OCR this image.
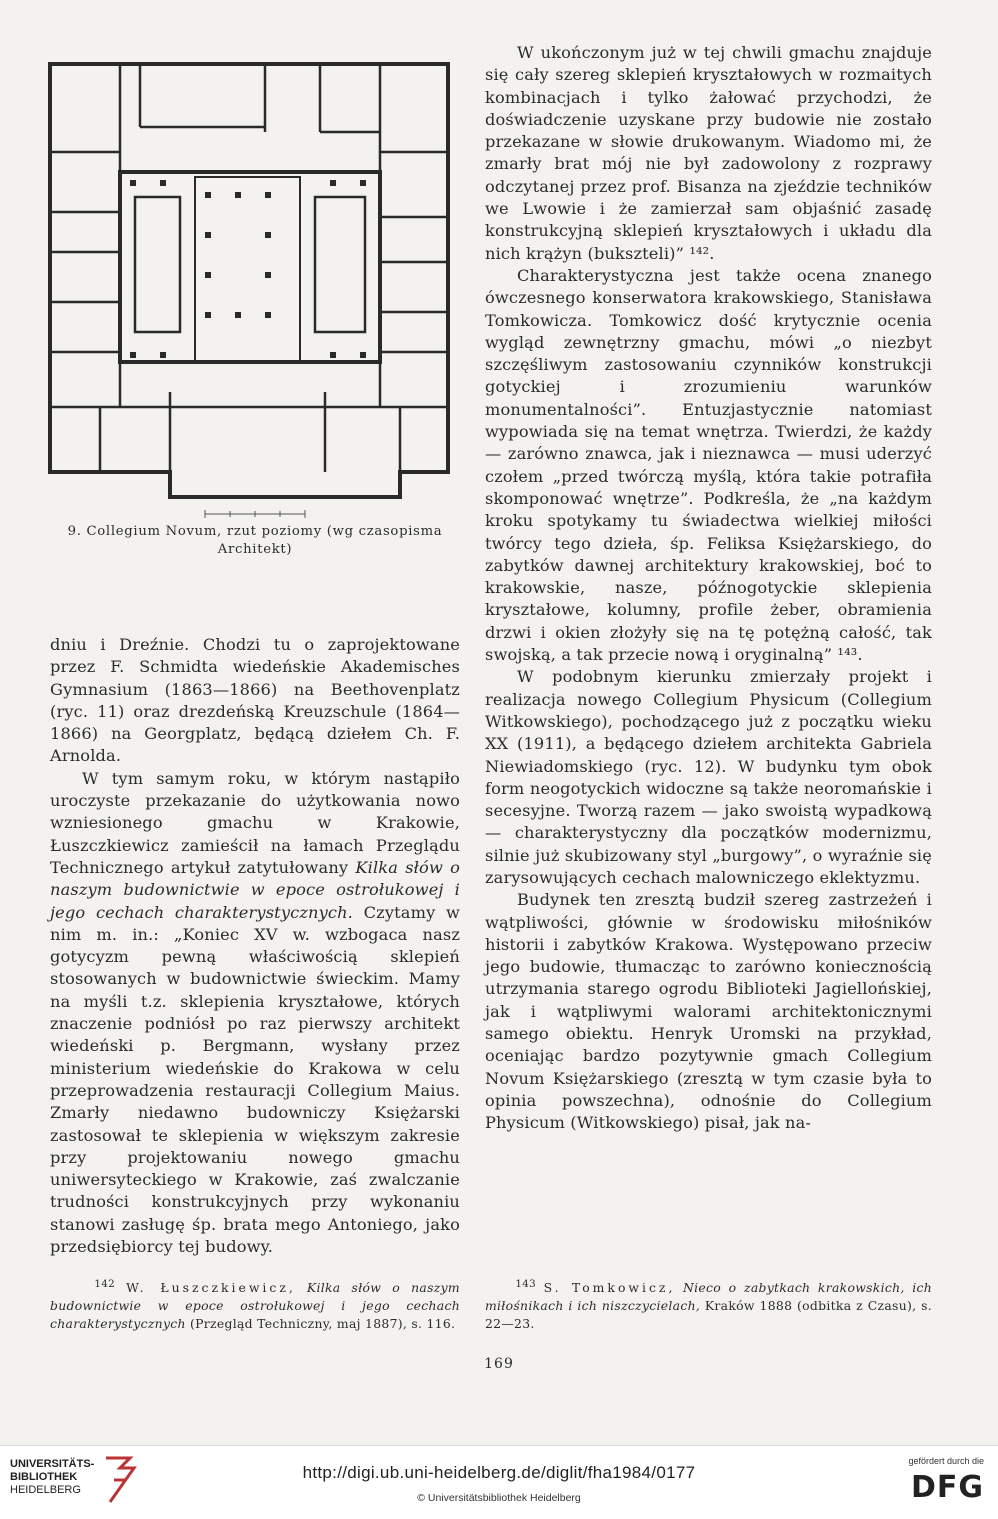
9. Collegium Novum, rzut poziomy (wg czasopisma Architekt)

dniu i Dreźnie. Chodzi tu o zaprojektowane przez F. Schmidta wiedeńskie Akademisches Gymnasium (1863—1866) na Beethovenplatz (ryc. 11) oraz drezdeńską Kreuzschule (1864—1866) na Georgplatz, będącą dziełem Ch. F. Arnolda.

W tym samym roku, w którym nastąpiło uroczyste przekazanie do użytkowania nowo wzniesionego gmachu w Krakowie, Łuszczkiewicz zamieścił na łamach Przeglądu Technicznego artykuł zatytułowany Kilka słów o naszym budownictwie w epoce ostrołukowej i jego cechach charakterystycznych. Czytamy w nim m. in.: „Koniec XV w. wzbogaca nasz gotycyzm pewną właściwością sklepień stosowanych w budownictwie świeckim. Mamy na myśli t.z. sklepienia kryształowe, których znaczenie podniósł po raz pierwszy architekt wiedeński p. Bergmann, wysłany przez ministerium wiedeńskie do Krakowa w celu przeprowadzenia restauracji Collegium Maius. Zmarły niedawno budowniczy Księżarski zastosował te sklepienia w większym zakresie przy projektowaniu nowego gmachu uniwersyteckiego w Krakowie, zaś zwalczanie trudności konstrukcyjnych przy wykonaniu stanowi zasługę śp. brata mego Antoniego, jako przedsiębiorcy tej budowy.

W ukończonym już w tej chwili gmachu znajduje się cały szereg sklepień kryształowych w rozmaitych kombinacjach i tylko żałować przychodzi, że doświadczenie uzyskane przy budowie nie zostało przekazane w słowie drukowanym. Wiadomo mi, że zmarły brat mój nie był zadowolony z rozprawy odczytanej przez prof. Bisanza na zjeździe techników we Lwowie i że zamierzał sam objaśnić zasadę konstrukcyjną sklepień kryształowych i układu dla nich krążyn (bukszteli)” ¹⁴².

Charakterystyczna jest także ocena znanego ówczesnego konserwatora krakowskiego, Stanisława Tomkowicza. Tomkowicz dość krytycznie ocenia wygląd zewnętrzny gmachu, mówi „o niezbyt szczęśliwym zastosowaniu czynników konstrukcji gotyckiej i zrozumieniu warunków monumentalności”. Entuzjastycznie natomiast wypowiada się na temat wnętrza. Twierdzi, że każdy — zarówno znawca, jak i nieznawca — musi uderzyć czołem „przed twórczą myślą, która takie potrafiła skomponować wnętrze”. Podkreśla, że „na każdym kroku spotykamy tu świadectwa wielkiej miłości twórcy tego dzieła, śp. Feliksa Księżarskiego, do zabytków dawnej architektury krakowskiej, boć to krakowskie, nasze, późnogotyckie sklepienia kryształowe, kolumny, profile żeber, obramienia drzwi i okien złożyły się na tę potężną całość, tak swojską, a tak przecie nową i oryginalną” ¹⁴³.

W podobnym kierunku zmierzały projekt i realizacja nowego Collegium Physicum (Collegium Witkowskiego), pochodzącego już z początku wieku XX (1911), a będącego dziełem architekta Gabriela Niewiadomskiego (ryc. 12). W budynku tym obok form neogotyckich widoczne są także neoromańskie i secesyjne. Tworzą razem — jako swoistą wypadkową — charakterystyczny dla początków modernizmu, silnie już skubizowany styl „burgowy”, o wyraźnie się zarysowujących cechach malowniczego eklektyzmu.

Budynek ten zresztą budził szereg zastrzeżeń i wątpliwości, głównie w środowisku miłośników historii i zabytków Krakowa. Występowano przeciw jego budowie, tłumacząc to zarówno koniecznością utrzymania starego ogrodu Biblioteki Jagiellońskiej, jak i wątpliwymi walorami architektonicznymi samego obiektu. Henryk Uromski na przykład, oceniając bardzo pozytywnie gmach Collegium Novum Księżarskiego (zresztą w tym czasie była to opinia powszechna), odnośnie do Collegium Physicum (Witkowskiego) pisał, jak na-

$^{142}$ W. Łuszczkiewicz, Kilka słów o naszym budownictwie w epoce ostrołukowej i jego cechach charakterystycznych (Przegląd Techniczny, maj 1887), s. 116.
$^{143}$ S. Tomkowicz, Nieco o zabytkach krakowskich, ich miłośnikach i ich niszczycielach, Kraków 1888 (odbitka z Czasu), s. 22—23.
169
UNIVERSITÄTS-
BIBLIOTHEK
HEIDELBERG
http://digi.ub.uni-heidelberg.de/diglit/fha1984/0177
© Universitätsbibliothek Heidelberg
gefördert durch die
DFG
